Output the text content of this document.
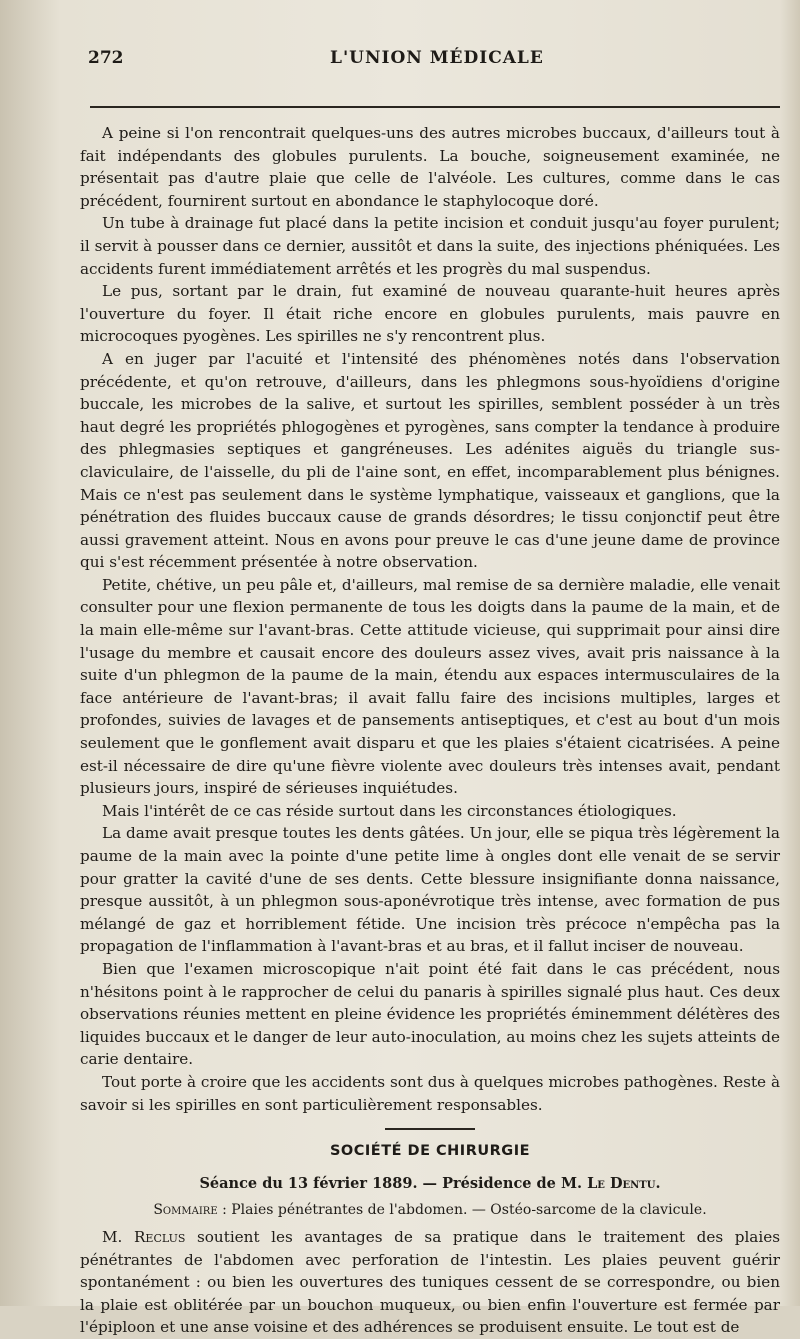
272	L'UNION MÉDICALE

A peine si l'on rencontrait quelques-uns des autres microbes buccaux, d'ailleurs tout à fait indépendants des globules purulents. La bouche, soigneusement examinée, ne présentait pas d'autre plaie que celle de l'alvéole. Les cultures, comme dans le cas précédent, fournirent surtout en abondance le staphylocoque doré.

Un tube à drainage fut placé dans la petite incision et conduit jusqu'au foyer purulent; il servit à pousser dans ce dernier, aussitôt et dans la suite, des injections phéniquées. Les accidents furent immédiatement arrêtés et les progrès du mal suspendus.

Le pus, sortant par le drain, fut examiné de nouveau quarante-huit heures après l'ouverture du foyer. Il était riche encore en globules purulents, mais pauvre en microcoques pyogènes. Les spirilles ne s'y rencontrent plus.

A en juger par l'acuité et l'intensité des phénomènes notés dans l'observation précédente, et qu'on retrouve, d'ailleurs, dans les phlegmons sous-hyoïdiens d'origine buccale, les microbes de la salive, et surtout les spirilles, semblent posséder à un très haut degré les propriétés phlogogènes et pyrogènes, sans compter la tendance à produire des phlegmasies septiques et gangréneuses. Les adénites aiguës du triangle sus-claviculaire, de l'aisselle, du pli de l'aine sont, en effet, incomparablement plus bénignes. Mais ce n'est pas seulement dans le système lymphatique, vaisseaux et ganglions, que la pénétration des fluides buccaux cause de grands désordres; le tissu conjonctif peut être aussi gravement atteint. Nous en avons pour preuve le cas d'une jeune dame de province qui s'est récemment présentée à notre observation.

Petite, chétive, un peu pâle et, d'ailleurs, mal remise de sa dernière maladie, elle venait consulter pour une flexion permanente de tous les doigts dans la paume de la main, et de la main elle-même sur l'avant-bras. Cette attitude vicieuse, qui supprimait pour ainsi dire l'usage du membre et causait encore des douleurs assez vives, avait pris naissance à la suite d'un phlegmon de la paume de la main, étendu aux espaces intermusculaires de la face antérieure de l'avant-bras; il avait fallu faire des incisions multiples, larges et profondes, suivies de lavages et de pansements antiseptiques, et c'est au bout d'un mois seulement que le gonflement avait disparu et que les plaies s'étaient cicatrisées. A peine est-il nécessaire de dire qu'une fièvre violente avec douleurs très intenses avait, pendant plusieurs jours, inspiré de sérieuses inquiétudes.

Mais l'intérêt de ce cas réside surtout dans les circonstances étiologiques.

La dame avait presque toutes les dents gâtées. Un jour, elle se piqua très légèrement la paume de la main avec la pointe d'une petite lime à ongles dont elle venait de se servir pour gratter la cavité d'une de ses dents. Cette blessure insignifiante donna naissance, presque aussitôt, à un phlegmon sous-aponévrotique très intense, avec formation de pus mélangé de gaz et horriblement fétide. Une incision très précoce n'empêcha pas la propagation de l'inflammation à l'avant-bras et au bras, et il fallut inciser de nouveau.

Bien que l'examen microscopique n'ait point été fait dans le cas précédent, nous n'hésitons point à le rapprocher de celui du panaris à spirilles signalé plus haut. Ces deux observations réunies mettent en pleine évidence les propriétés éminemment délétères des liquides buccaux et le danger de leur auto-inoculation, au moins chez les sujets atteints de carie dentaire.

Tout porte à croire que les accidents sont dus à quelques microbes pathogènes. Reste à savoir si les spirilles en sont particulièrement responsables.

SOCIÉTÉ DE CHIRURGIE
Séance du 13 février 1889. — Présidence de M. Le Dentu.
Sommaire : Plaies pénétrantes de l'abdomen. — Ostéo-sarcome de la clavicule.

M. Reclus soutient les avantages de sa pratique dans le traitement des plaies pénétrantes de l'abdomen avec perforation de l'intestin. Les plaies peuvent guérir spontanément : ou bien les ouvertures des tuniques cessent de se correspondre, ou bien la plaie est oblitérée par un bouchon muqueux, ou bien enfin l'ouverture est fermée par l'épiploon et une anse voisine et des adhérences se produisent ensuite. Le tout est de
